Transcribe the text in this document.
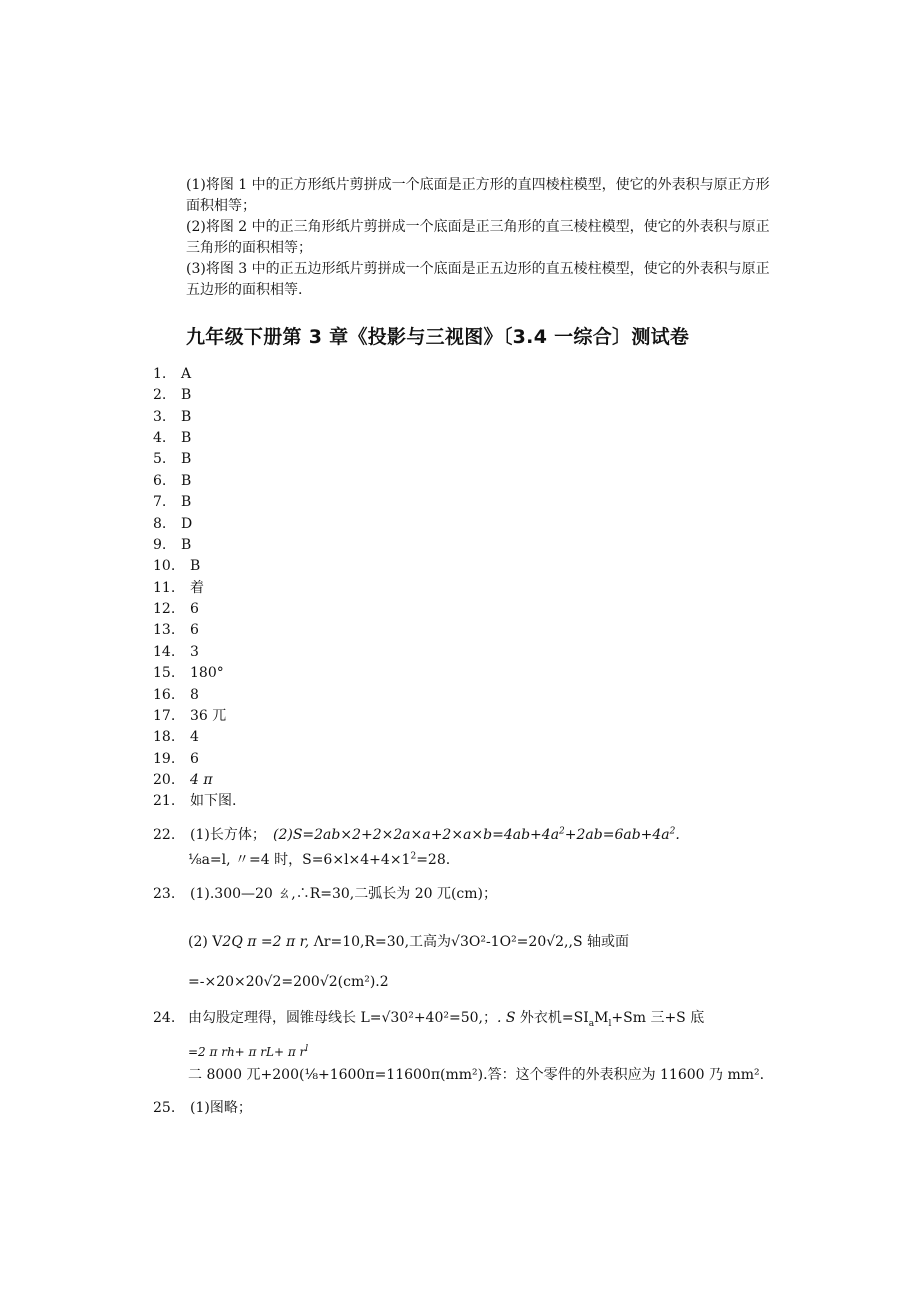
(1)将图 1 中的正方形纸片剪拼成一个底面是正方形的直四棱柱模型，使它的外表积与原正方形面积相等；

(2)将图 2 中的正三角形纸片剪拼成一个底面是正三角形的直三棱柱模型，使它的外表积与原正三角形的面积相等；

(3)将图 3 中的正五边形纸片剪拼成一个底面是正五边形的直五棱柱模型，使它的外表积与原正五边形的面积相等.

九年级下册第 3 章《投影与三视图》〔3.4 一综合〕测试卷
1. A
2. B
3. B
4. B
5. B
6. B
7. B
8. D
9. B
10. B
11. 着
12. 6
13. 6
14. 3
15. 180°
16. 8
17. 36 兀
18. 4
19. 6
20. 4 π
21. 如下图.
22. (1)长方体； $(2)S=2ab\times 2+2\times 2a\times a+2\times a\times b=4ab+4a^2+2ab=6ab+4a^2$.
⅛a=l, 〃=4 时，$S=6\times l\times 4+4\times 1^2=28$.
23. (1).300—20 ㄠ,∴R=30,二弧长为 20 兀(cm)；
(2) V2Q π =2 π r, Λr=10,R=30,工高为√3O²-1O²=20√2,,S 轴或面
=-×20×20√2=200√2(cm²).2
24. 由勾股定理得，圆锥母线长 L=√30²+40²=50,；. S 外衣机$=SI_aM_l+Sm$ 三+S 底
=2 π rh+ π rL+ π $r^l$
二 8000 兀+200(⅛+1600π=11600π(mm²).答：这个零件的外表积应为 11600 乃 mm².
25. (1)图略；
